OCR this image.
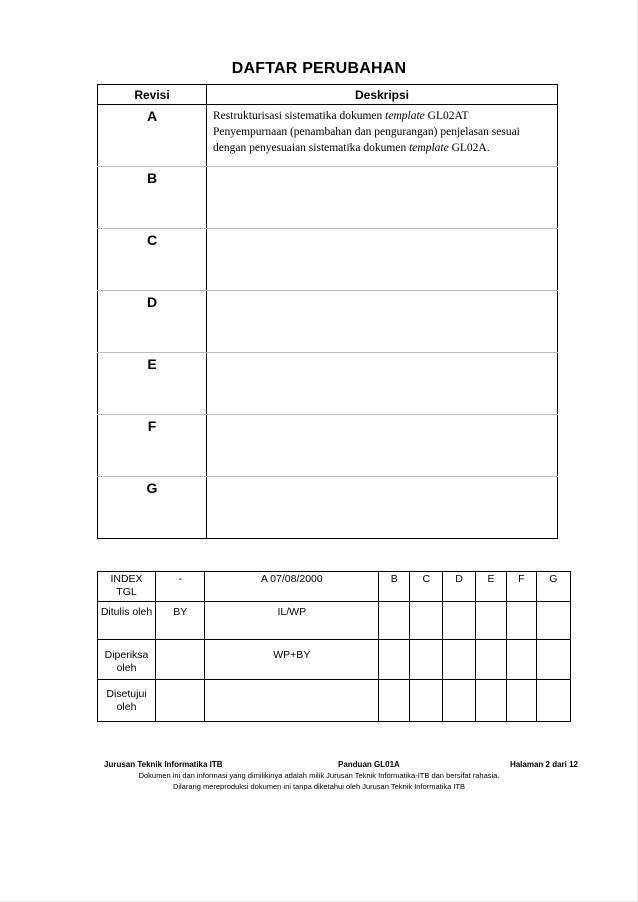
DAFTAR PERUBAHAN
Revisi	Deskripsi
A	Restrukturisasi sistematika dokumen template GL02AT
Penyempurnaan (penambahan dan pengurangan) penjelasan sesuai
dengan penyesuaian sistematika dokumen template GL02A.

B	
C	
D	
E	
F	
G	
INDEX TGL	-	A 07/08/2000	B	C	D	E	F	G
Ditulis oleh	BY	IL/WP						
Diperiksa oleh		WP+BY						
Disetujui oleh								
Jurusan Teknik Informatika ITB	Panduan GL01A	Halaman 2 dari 12
Dokumen ini dan informasi yang dimilikinya adalah milik Jurusan Teknik Informatika-ITB dan bersifat rahasia.
Dilarang mereproduksi dokumen ini tanpa diketahui oleh Jurusan Teknik Informatika ITB
